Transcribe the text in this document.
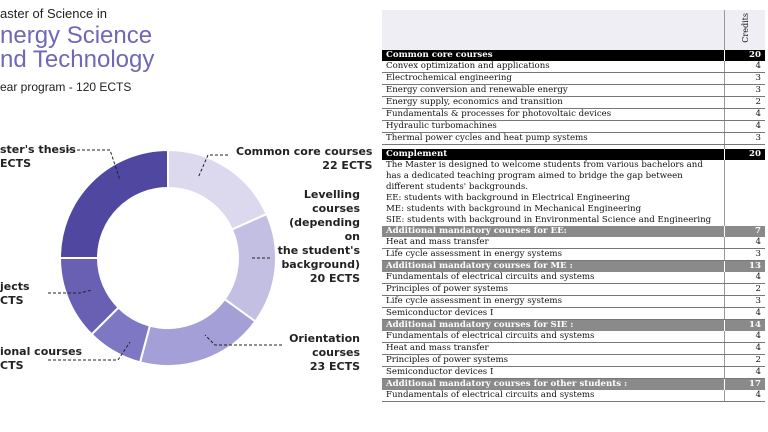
aster of Science in
nergy Science
nd Technology
ear program - 120 ECTS
Common core courses
22 ECTS
Levelling
courses
(depending on
the student's
background)
20 ECTS
Orientation
courses
23 ECTS
ional courses
CTS
jects
CTS
ster's thesis
ECTS
	Credits
Common core courses	20
Convex optimization and applications	4
Electrochemical engineering	3
Energy conversion and renewable energy	3
Energy supply, economics and transition	2
Fundamentals & processes for photovoltaic devices	4
Hydraulic turbomachines	4
Thermal power cycles and heat pump systems	3

Complement	20
The Master is designed to welcome students from various bachelors and has a dedicated teaching program aimed to bridge the gap between different students' backgrounds.	
EE: students with background in Electrical Engineering	
ME: students with background in Mechanical Engineering	
SIE: students with background in Environmental Science and Engineering	
Additional mandatory courses for EE:	7
Heat and mass transfer	4
Life cycle assessment in energy systems	3
Additional mandatory courses for ME :	13
Fundamentals of electrical circuits and systems	4
Principles of power systems	2
Life cycle assessment in energy systems	3
Semiconductor devices I	4
Additional mandatory courses for SIE :	14
Fundamentals of electrical circuits and systems	4
Heat and mass transfer	4
Principles of power systems	2
Semiconductor devices I	4
Additional mandatory courses for other students :	17
Fundamentals of electrical circuits and systems	4
